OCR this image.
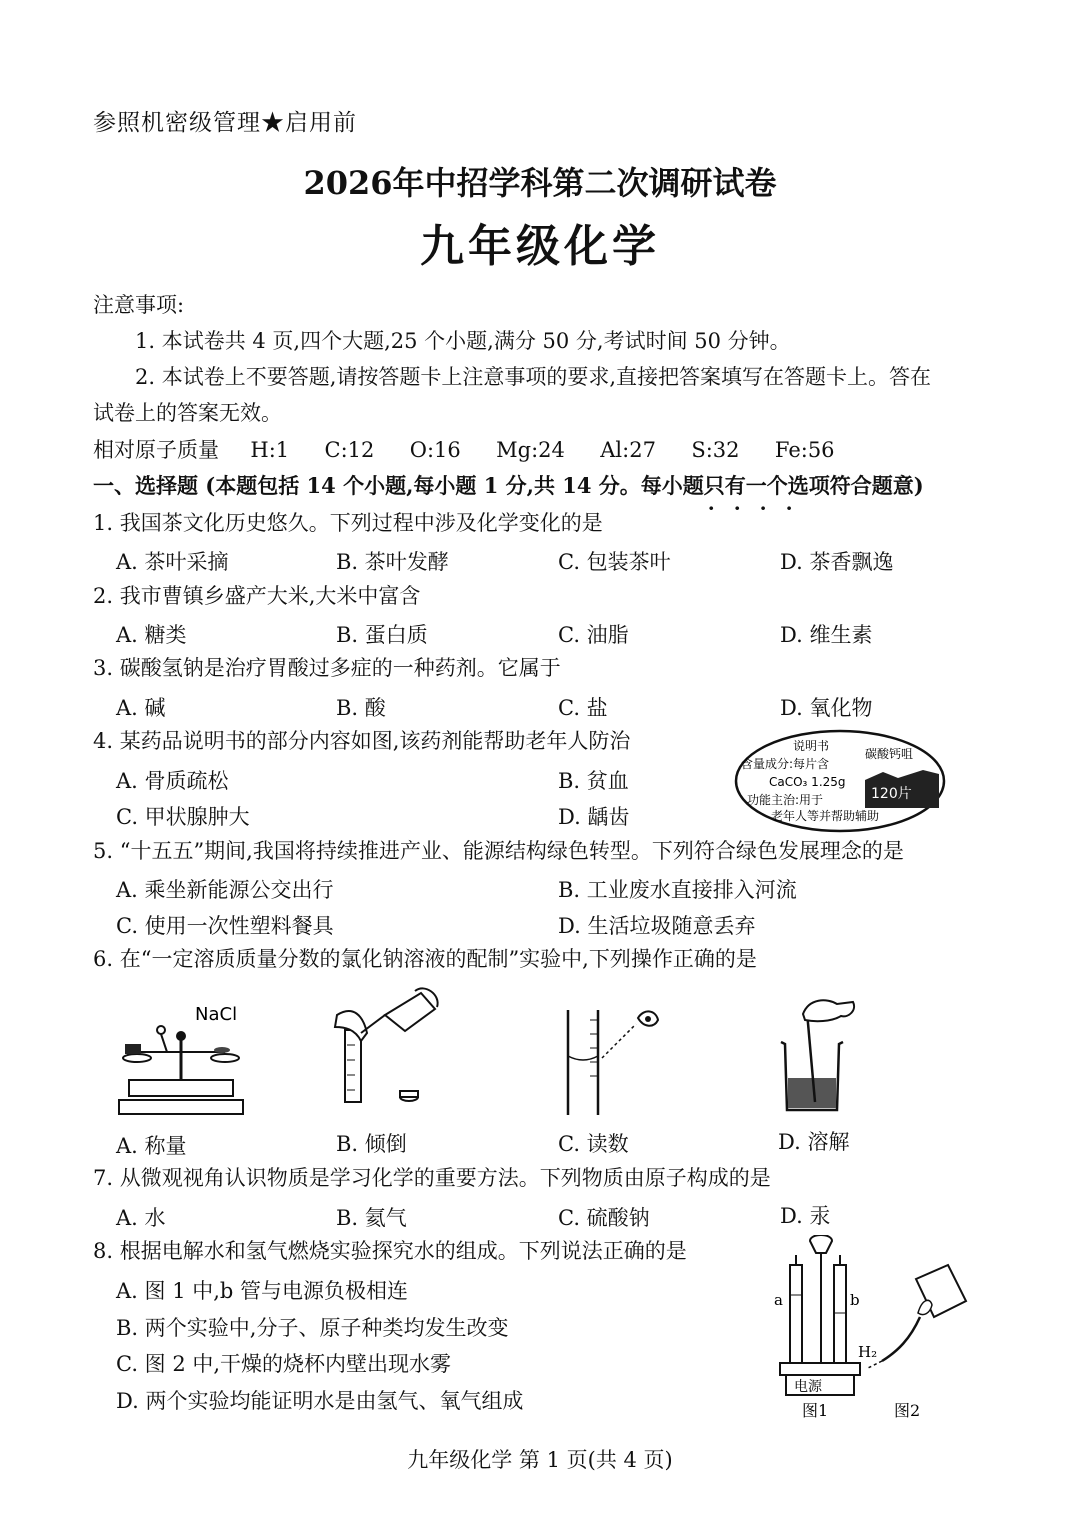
参照机密级管理★启用前
2026年中招学科第二次调研试卷
九年级化学
注意事项:
1. 本试卷共 4 页,四个大题,25 个小题,满分 50 分,考试时间 50 分钟。
2. 本试卷上不要答题,请按答题卡上注意事项的要求,直接把答案填写在答题卡上。答在
试卷上的答案无效。
相对原子质量 H:1 C:12 O:16 Mg:24 Al:27 S:32 Fe:56
一、选择题 (本题包括 14 个小题,每小题 1 分,共 14 分。每小题只有一个 · · · ·选项符合题意)
1. 我国茶文化历史悠久。下列过程中涉及化学变化的是
A. 茶叶采摘	B. 茶叶发酵	C. 包装茶叶	D. 茶香飘逸
2. 我市曹镇乡盛产大米,大米中富含
A. 糖类	B. 蛋白质	C. 油脂	D. 维生素
3. 碳酸氢钠是治疗胃酸过多症的一种药剂。它属于
A. 碱	B. 酸	C. 盐	D. 氧化物
4. 某药品说明书的部分内容如图,该药剂能帮助老年人防治
A. 骨质疏松	B. 贫血
C. 甲状腺肿大	D. 龋齿
说明书
碳酸钙咀
含量成分:每片含
CaCO₃ 1.25g
功能主治:用于
老年人等并帮助辅助
120片
5. “十五五”期间,我国将持续推进产业、能源结构绿色转型。下列符合绿色发展理念的是
A. 乘坐新能源公交出行	B. 工业废水直接排入河流
C. 使用一次性塑料餐具	D. 生活垃圾随意丢弃
6. 在“一定溶质质量分数的氯化钠溶液的配制”实验中,下列操作正确的是
NaCl
A. 称量	B. 倾倒	C. 读数	D. 溶解
7. 从微观视角认识物质是学习化学的重要方法。下列物质由原子构成的是
A. 水	B. 氦气	C. 硫酸钠	D. 汞
8. 根据电解水和氢气燃烧实验探究水的组成。下列说法正确的是
A. 图 1 中,b 管与电源负极相连
B. 两个实验中,分子、原子种类均发生改变
C. 图 2 中,干燥的烧杯内壁出现水雾
D. 两个实验均能证明水是由氢气、氧气组成
电源
a	b
图1
H₂
图2
九年级化学 第 1 页(共 4 页)
